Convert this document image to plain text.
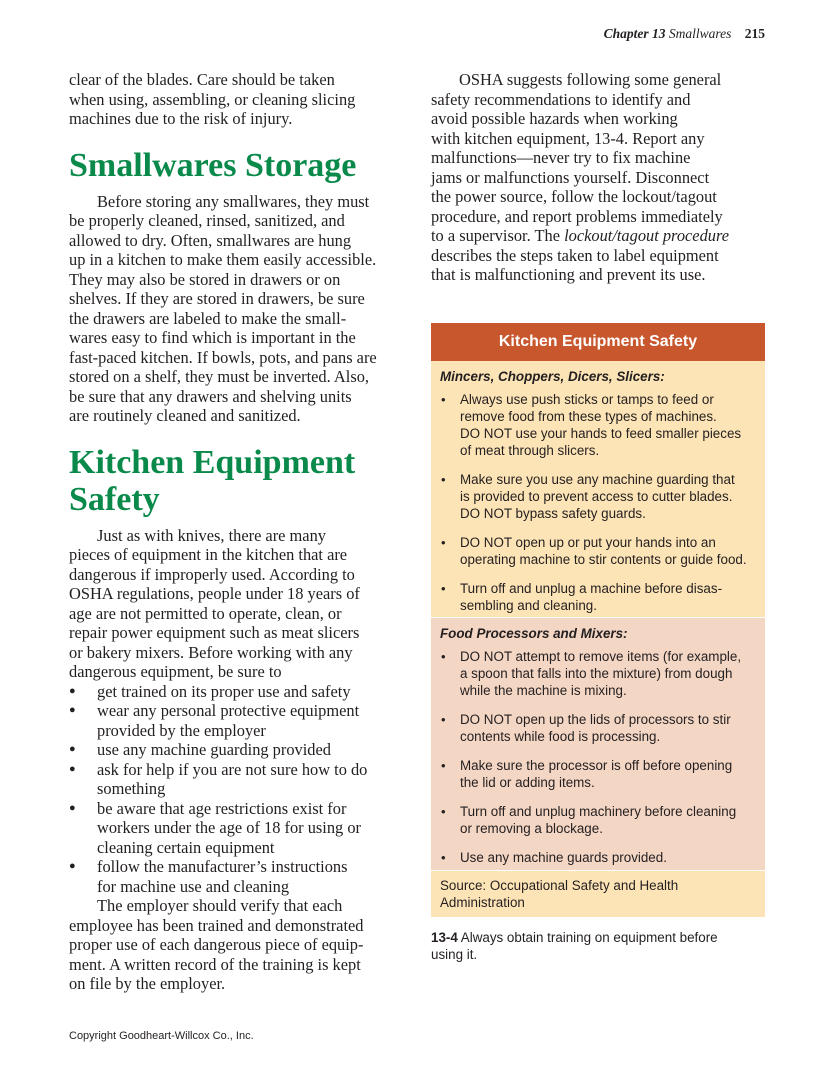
Chapter 13 Smallwares 215
clear of the blades. Care should be taken
when using, assembling, or cleaning slicing
machines due to the risk of injury.
Smallwares Storage
Before storing any smallwares, they must
be properly cleaned, rinsed, sanitized, and
allowed to dry. Often, smallwares are hung
up in a kitchen to make them easily accessible.
They may also be stored in drawers or on
shelves. If they are stored in drawers, be sure
the drawers are labeled to make the small-
wares easy to find which is important in the
fast-paced kitchen. If bowls, pots, and pans are
stored on a shelf, they must be inverted. Also,
be sure that any drawers and shelving units
are routinely cleaned and sanitized.
Kitchen Equipment
Safety
Just as with knives, there are many
pieces of equipment in the kitchen that are
dangerous if improperly used. According to
OSHA regulations, people under 18 years of
age are not permitted to operate, clean, or
repair power equipment such as meat slicers
or bakery mixers. Before working with any
dangerous equipment, be sure to
● get trained on its proper use and safety
● wear any personal protective equipment
provided by the employer
● use any machine guarding provided
● ask for help if you are not sure how to do
something
● be aware that age restrictions exist for
workers under the age of 18 for using or
cleaning certain equipment
● follow the manufacturer’s instructions
for machine use and cleaning
The employer should verify that each
employee has been trained and demonstrated
proper use of each dangerous piece of equip-
ment. A written record of the training is kept
on file by the employer.
OSHA suggests following some general
safety recommendations to identify and
avoid possible hazards when working
with kitchen equipment, 13-4. Report any
malfunctions—never try to fix machine
jams or malfunctions yourself. Disconnect
the power source, follow the lockout/tagout
procedure, and report problems immediately
to a supervisor. The lockout/tagout procedure
describes the steps taken to label equipment
that is malfunctioning and prevent its use.
Kitchen Equipment Safety
Mincers, Choppers, Dicers, Slicers:
• Always use push sticks or tamps to feed or
remove food from these types of machines.
DO NOT use your hands to feed smaller pieces
of meat through slicers.
• Make sure you use any machine guarding that
is provided to prevent access to cutter blades.
DO NOT bypass safety guards.
• DO NOT open up or put your hands into an
operating machine to stir contents or guide food.
• Turn off and unplug a machine before disas-
sembling and cleaning.
Food Processors and Mixers:
• DO NOT attempt to remove items (for example,
a spoon that falls into the mixture) from dough
while the machine is mixing.
• DO NOT open up the lids of processors to stir
contents while food is processing.
• Make sure the processor is off before opening
the lid or adding items.
• Turn off and unplug machinery before cleaning
or removing a blockage.
• Use any machine guards provided.
Source: Occupational Safety and Health
Administration
13-4 Always obtain training on equipment before
using it.
Copyright Goodheart-Willcox Co., Inc.
